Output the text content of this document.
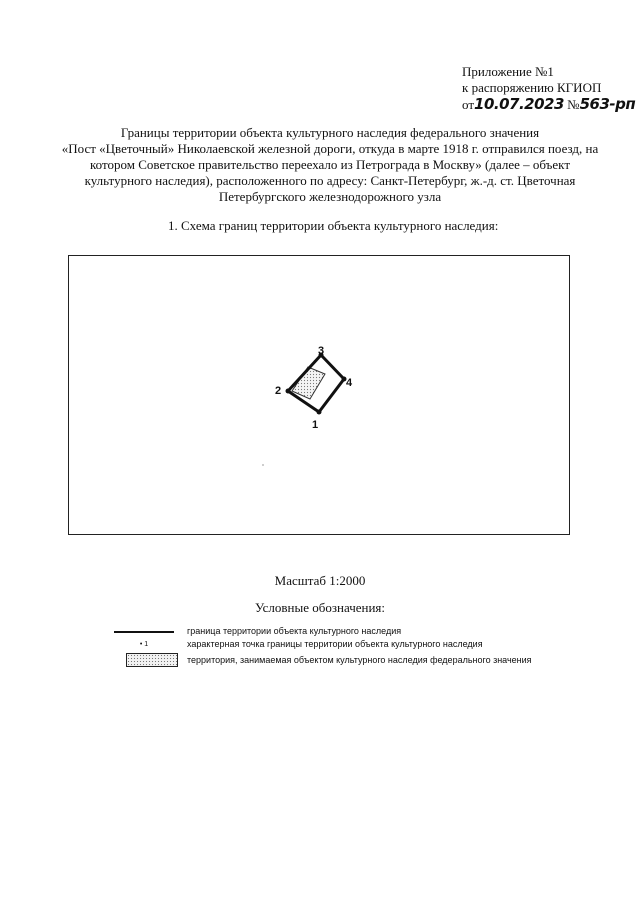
Приложение №1
к распоряжению КГИОП
от10.07.2023 №563-рп
Границы территории объекта культурного наследия федерального значения
«Пост «Цветочный» Николаевской железной дороги, откуда в марте 1918 г. отправился поезд, на
котором Советское правительство переехало из Петрограда в Москву» (далее – объект
культурного наследия), расположенного по адресу: Санкт-Петербург, ж.-д. ст. Цветочная
Петербургского железнодорожного узла
1. Схема границ территории объекта культурного наследия:
1
2
3
4
Масштаб 1:2000
Условные обозначения:
граница территории объекта культурного наследия
• 1	характерная точка границы территории объекта культурного наследия
территория, занимаемая объектом культурного наследия федерального значения
